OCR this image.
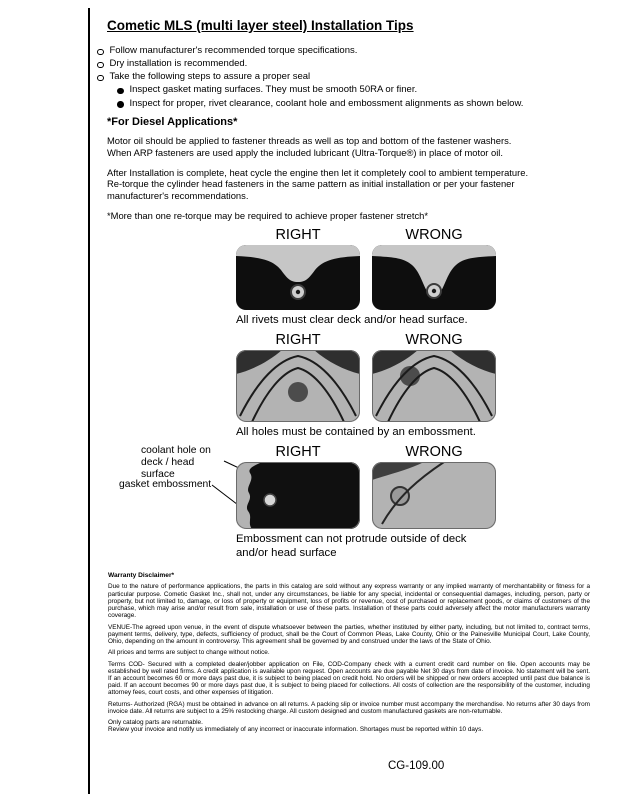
Cometic MLS (multi layer steel) Installation Tips
Follow manufacturer's recommended torque specifications.
Dry installation is recommended.
Take the following steps to assure a proper seal
Inspect gasket mating surfaces. They must be smooth 50RA or finer.
Inspect for proper, rivet clearance, coolant hole and embossment alignments as shown below.
*For Diesel Applications*

Motor oil should be applied to fastener threads as well as top and bottom of the fastener washers. When ARP fasteners are used apply the included lubricant (Ultra-Torque®) in place of motor oil.

After Installation is complete, heat cycle the engine then let it completely cool to ambient temperature. Re-torque the cylinder head fasteners in the same pattern as initial installation or per your fastener manufacturer's recommendations.

*More than one re-torque may be required to achieve proper fastener stretch*

RIGHT	WRONG
All rivets must clear deck and/or head surface.
RIGHT	WRONG
All holes must be contained by an embossment.
coolant hole on deck / head surface
gasket embossment
RIGHT	WRONG
Embossment can not protrude outside of deck and/or head surface
Warranty Disclaimer*

Due to the nature of performance applications, the parts in this catalog are sold without any express warranty or any implied warranty of merchantability or fitness for a particular purpose. Cometic Gasket Inc., shall not, under any circumstances, be liable for any special, incidental or consequential damages, including, person, party or property, but not limited to, damage, or loss of property or equipment, loss of profits or revenue, cost of purchased or replacement goods, or claims of customers of the purchase, which may arise and/or result from sale, installation or use of these parts. Installation of these parts could adversely affect the motor manufacturers warranty coverage.

VENUE-The agreed upon venue, in the event of dispute whatsoever between the parties, whether instituted by either party, including, but not limited to, contract terms, payment terms, delivery, type, defects, sufficiency of product, shall be the Court of Common Pleas, Lake County, Ohio or the Painesville Municipal Court, Lake County, Ohio, depending on the amount in controversy. This agreement shall be governed by and construed under the laws of the State of Ohio.

All prices and terms are subject to change without notice.

Terms COD- Secured with a completed dealer/jobber application on File, COD-Company check with a current credit card number on file. Open accounts may be established by well rated firms. A credit application is available upon request. Open accounts are due payable Net 30 days from date of invoice. No statement will be sent. If an account becomes 60 or more days past due, it is subject to being placed on credit hold. No orders will be shipped or new orders accepted until past due balance is paid. If an account becomes 90 or more days past due, it is subject to being placed for collections. All costs of collection are the responsibility of the customer, including attorney fees, court costs, and other expenses of litigation.

Returns- Authorized (RGA) must be obtained in advance on all returns. A packing slip or invoice number must accompany the merchandise. No returns after 30 days from invoice date. All returns are subject to a 25% restocking charge. All custom designed and custom manufactured gaskets are non-returnable.

Only catalog parts are returnable.

Review your invoice and notify us immediately of any incorrect or inaccurate information. Shortages must be reported within 10 days.

CG-109.00
